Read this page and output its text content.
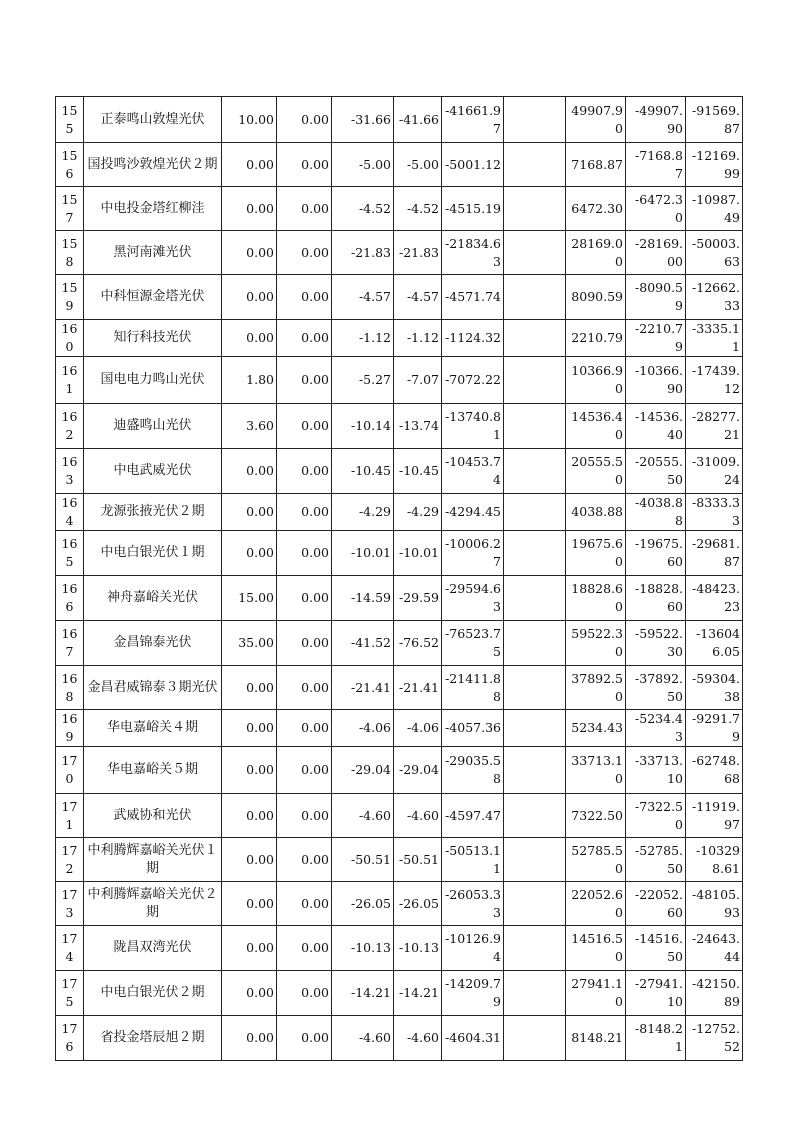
155	正泰鸣山敦煌光伏	10.00	0.00	-31.66	-41.66	-41661.97		49907.90	-49907.90	-91569.87
156	国投鸣沙敦煌光伏２期	0.00	0.00	-5.00	-5.00	-5001.12		7168.87	-7168.87	-12169.99
157	中电投金塔红柳洼	0.00	0.00	-4.52	-4.52	-4515.19		6472.30	-6472.30	-10987.49
158	黑河南滩光伏	0.00	0.00	-21.83	-21.83	-21834.63		28169.00	-28169.00	-50003.63
159	中科恒源金塔光伏	0.00	0.00	-4.57	-4.57	-4571.74		8090.59	-8090.59	-12662.33
160	知行科技光伏	0.00	0.00	-1.12	-1.12	-1124.32		2210.79	-2210.79	-3335.11
161	国电电力鸣山光伏	1.80	0.00	-5.27	-7.07	-7072.22		10366.90	-10366.90	-17439.12
162	迪盛鸣山光伏	3.60	0.00	-10.14	-13.74	-13740.81		14536.40	-14536.40	-28277.21
163	中电武威光伏	0.00	0.00	-10.45	-10.45	-10453.74		20555.50	-20555.50	-31009.24
164	龙源张掖光伏２期	0.00	0.00	-4.29	-4.29	-4294.45		4038.88	-4038.88	-8333.33
165	中电白银光伏１期	0.00	0.00	-10.01	-10.01	-10006.27		19675.60	-19675.60	-29681.87
166	神舟嘉峪关光伏	15.00	0.00	-14.59	-29.59	-29594.63		18828.60	-18828.60	-48423.23
167	金昌锦泰光伏	35.00	0.00	-41.52	-76.52	-76523.75		59522.30	-59522.30	-136046.05
168	金昌君威锦泰３期光伏	0.00	0.00	-21.41	-21.41	-21411.88		37892.50	-37892.50	-59304.38
169	华电嘉峪关４期	0.00	0.00	-4.06	-4.06	-4057.36		5234.43	-5234.43	-9291.79
170	华电嘉峪关５期	0.00	0.00	-29.04	-29.04	-29035.58		33713.10	-33713.10	-62748.68
171	武威协和光伏	0.00	0.00	-4.60	-4.60	-4597.47		7322.50	-7322.50	-11919.97
172	中利腾辉嘉峪关光伏１期	0.00	0.00	-50.51	-50.51	-50513.11		52785.50	-52785.50	-103298.61
173	中利腾辉嘉峪关光伏２期	0.00	0.00	-26.05	-26.05	-26053.33		22052.60	-22052.60	-48105.93
174	陇昌双湾光伏	0.00	0.00	-10.13	-10.13	-10126.94		14516.50	-14516.50	-24643.44
175	中电白银光伏２期	0.00	0.00	-14.21	-14.21	-14209.79		27941.10	-27941.10	-42150.89
176	省投金塔辰旭２期	0.00	0.00	-4.60	-4.60	-4604.31		8148.21	-8148.21	-12752.52
